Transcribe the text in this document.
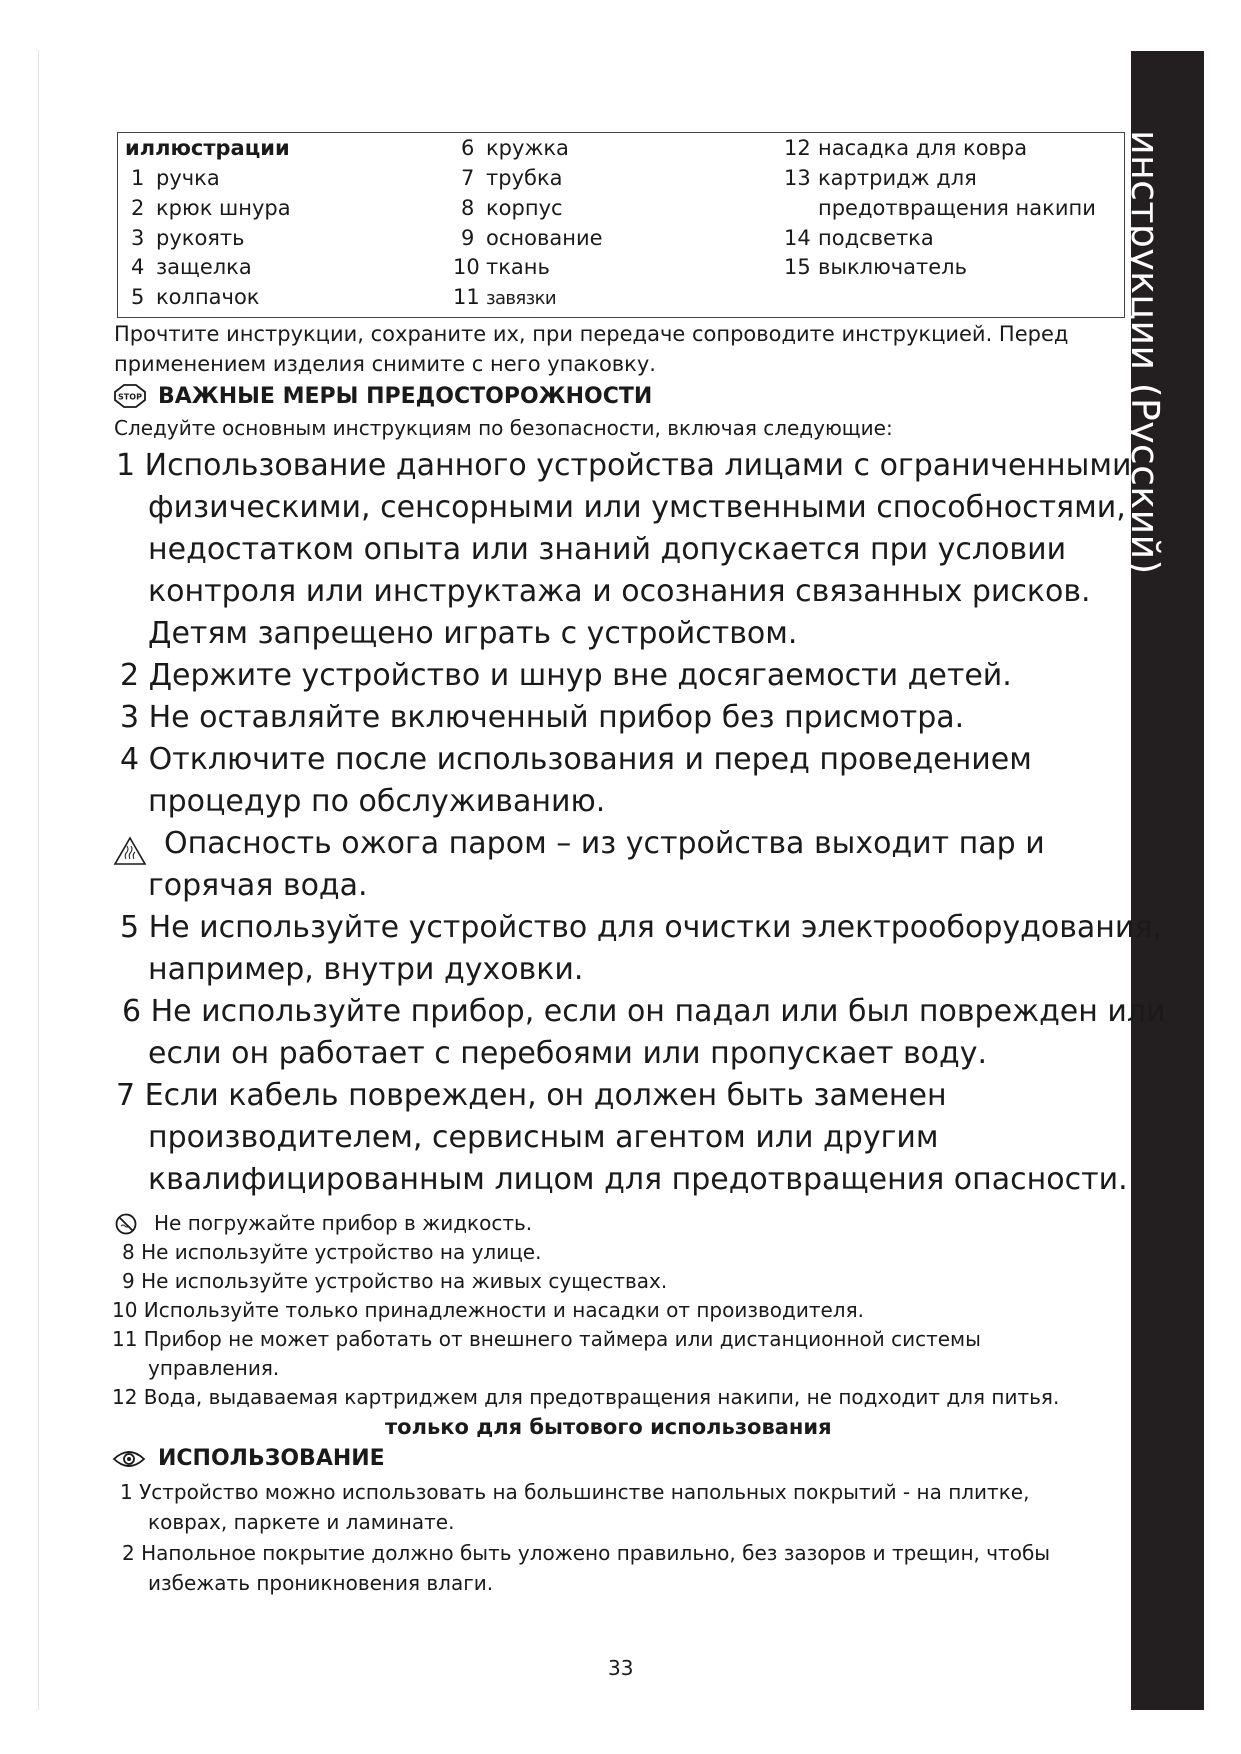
инструкции (Русский)
иллюстрации
1 ручка
2 крюк шнура
3 рукоять
4 защелка
5 колпачок
6 кружка
7 трубка
8 корпус
9 основание
10 ткань
11 завязки
12 насадка для ковра
13 картридж для
предотвращения накипи
14 подсветка
15 выключатель
Прочтите инструкции, сохраните их, при передаче сопроводите инструкцией. Перед
применением изделия снимите с него упаковку.
STOP ВАЖНЫЕ МЕРЫ ПРЕДОСТОРОЖНОСТИ
Следуйте основным инструкциям по безопасности, включая следующие:
1 Использование данного устройства лицами с ограниченными
физическими, сенсорными или умственными способностями,
недостатком опыта или знаний допускается при условии
контроля или инструктажа и осознания связанных рисков.
Детям запрещено играть с устройством.
2 Держите устройство и шнур вне досягаемости детей.
3 Не оставляйте включенный прибор без присмотра.
4 Отключите после использования и перед проведением
процедур по обслуживанию.
Опасность ожога паром – из устройства выходит пар и
горячая вода.
5 Не используйте устройство для очистки электрооборудования,
например, внутри духовки.
6 Не используйте прибор, если он падал или был поврежден или
если он работает с перебоями или пропускает воду.
7 Если кабель поврежден, он должен быть заменен
производителем, сервисным агентом или другим
квалифицированным лицом для предотвращения опасности.
Не погружайте прибор в жидкость.
8 Не используйте устройство на улице.
9 Не используйте устройство на живых существах.
10 Используйте только принадлежности и насадки от производителя.
11 Прибор не может работать от внешнего таймера или дистанционной системы
управления.
12 Вода, выдаваемая картриджем для предотвращения накипи, не подходит для питья.
только для бытового использования
ИСПОЛЬЗОВАНИЕ
1 Устройство можно использовать на большинстве напольных покрытий - на плитке,
коврах, паркете и ламинате.
2 Напольное покрытие должно быть уложено правильно, без зазоров и трещин, чтобы
избежать проникновения влаги.
33
